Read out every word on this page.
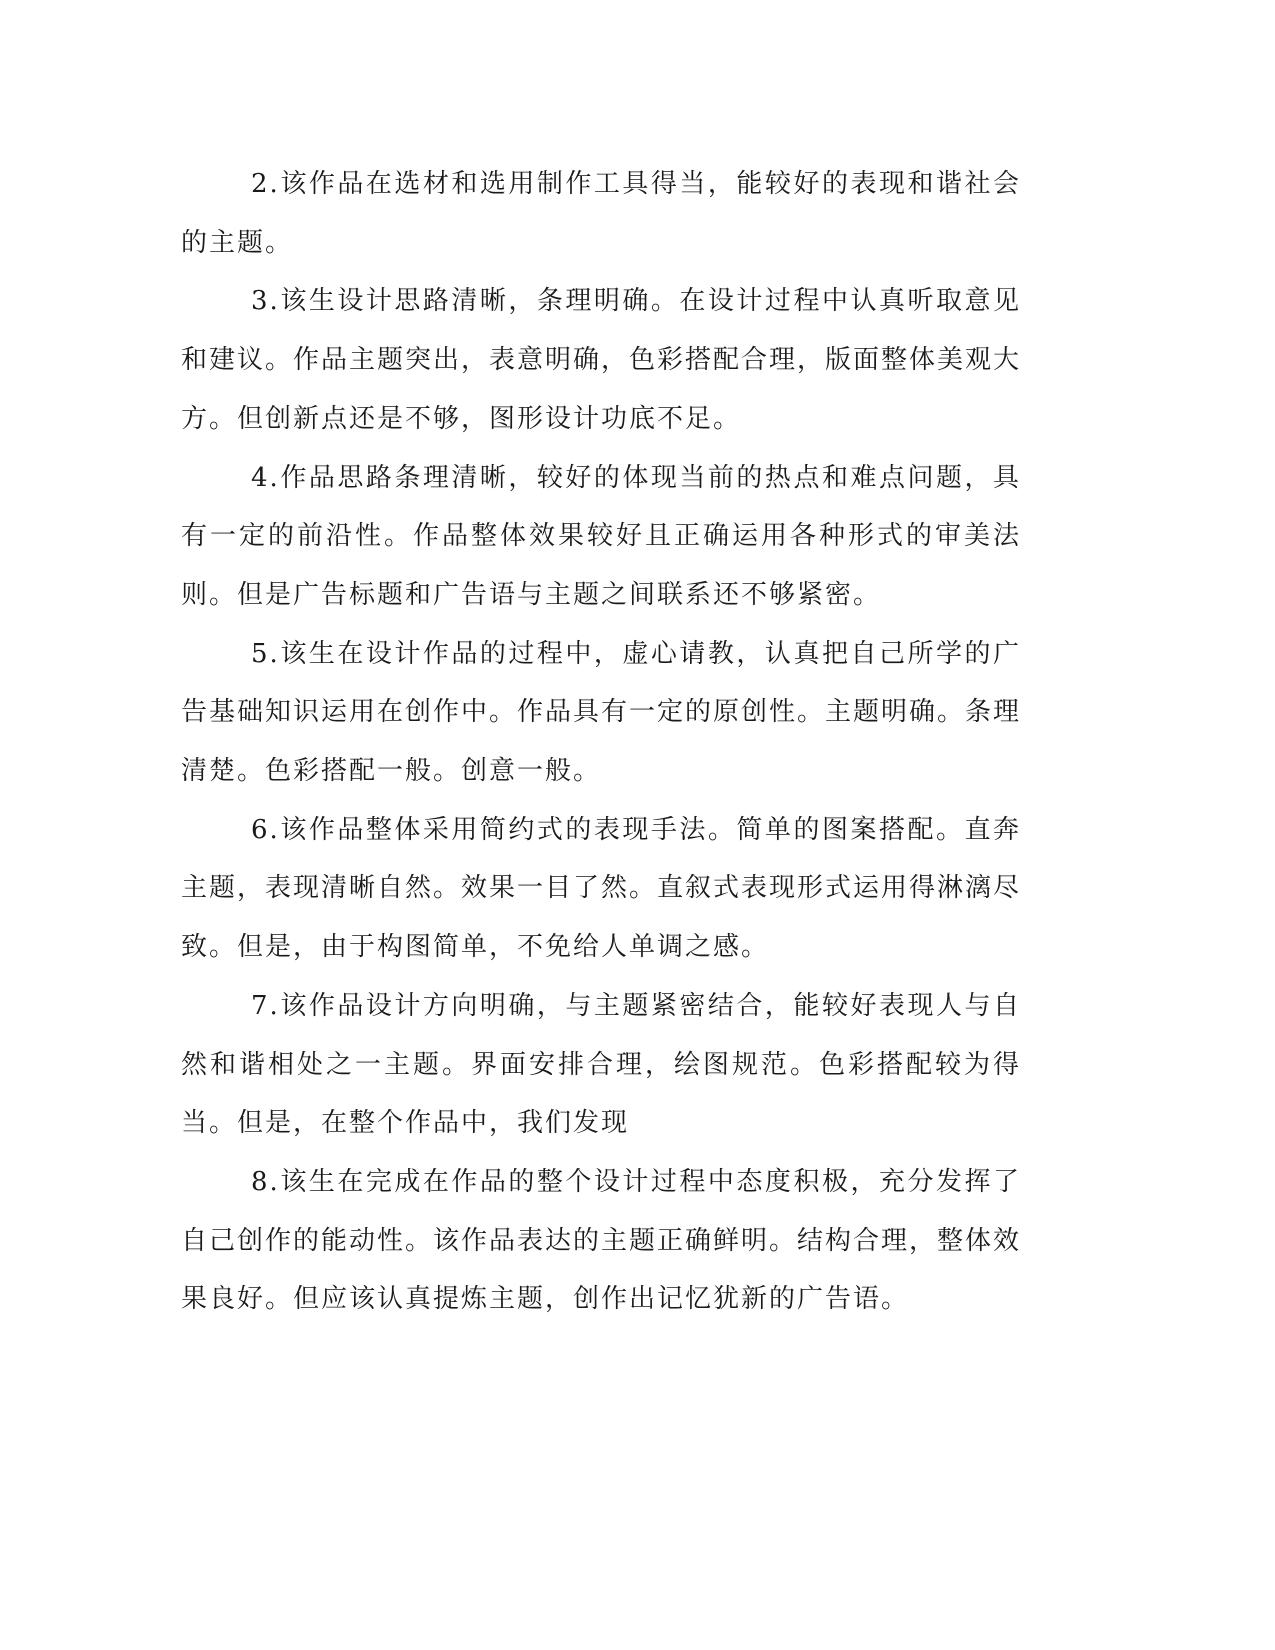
2.该作品在选材和选用制作工具得当，能较好的表现和谐社会的主题。

3.该生设计思路清晰，条理明确。在设计过程中认真听取意见和建议。作品主题突出，表意明确，色彩搭配合理，版面整体美观大方。但创新点还是不够，图形设计功底不足。

4.作品思路条理清晰，较好的体现当前的热点和难点问题，具有一定的前沿性。作品整体效果较好且正确运用各种形式的审美法则。但是广告标题和广告语与主题之间联系还不够紧密。

5.该生在设计作品的过程中，虚心请教，认真把自己所学的广告基础知识运用在创作中。作品具有一定的原创性。主题明确。条理清楚。色彩搭配一般。创意一般。

6.该作品整体采用简约式的表现手法。简单的图案搭配。直奔主题，表现清晰自然。效果一目了然。直叙式表现形式运用得淋漓尽致。但是，由于构图简单，不免给人单调之感。

7.该作品设计方向明确，与主题紧密结合，能较好表现人与自然和谐相处之一主题。界面安排合理，绘图规范。色彩搭配较为得当。但是，在整个作品中，我们发现

8.该生在完成在作品的整个设计过程中态度积极，充分发挥了自己创作的能动性。该作品表达的主题正确鲜明。结构合理，整体效果良好。但应该认真提炼主题，创作出记忆犹新的广告语。
